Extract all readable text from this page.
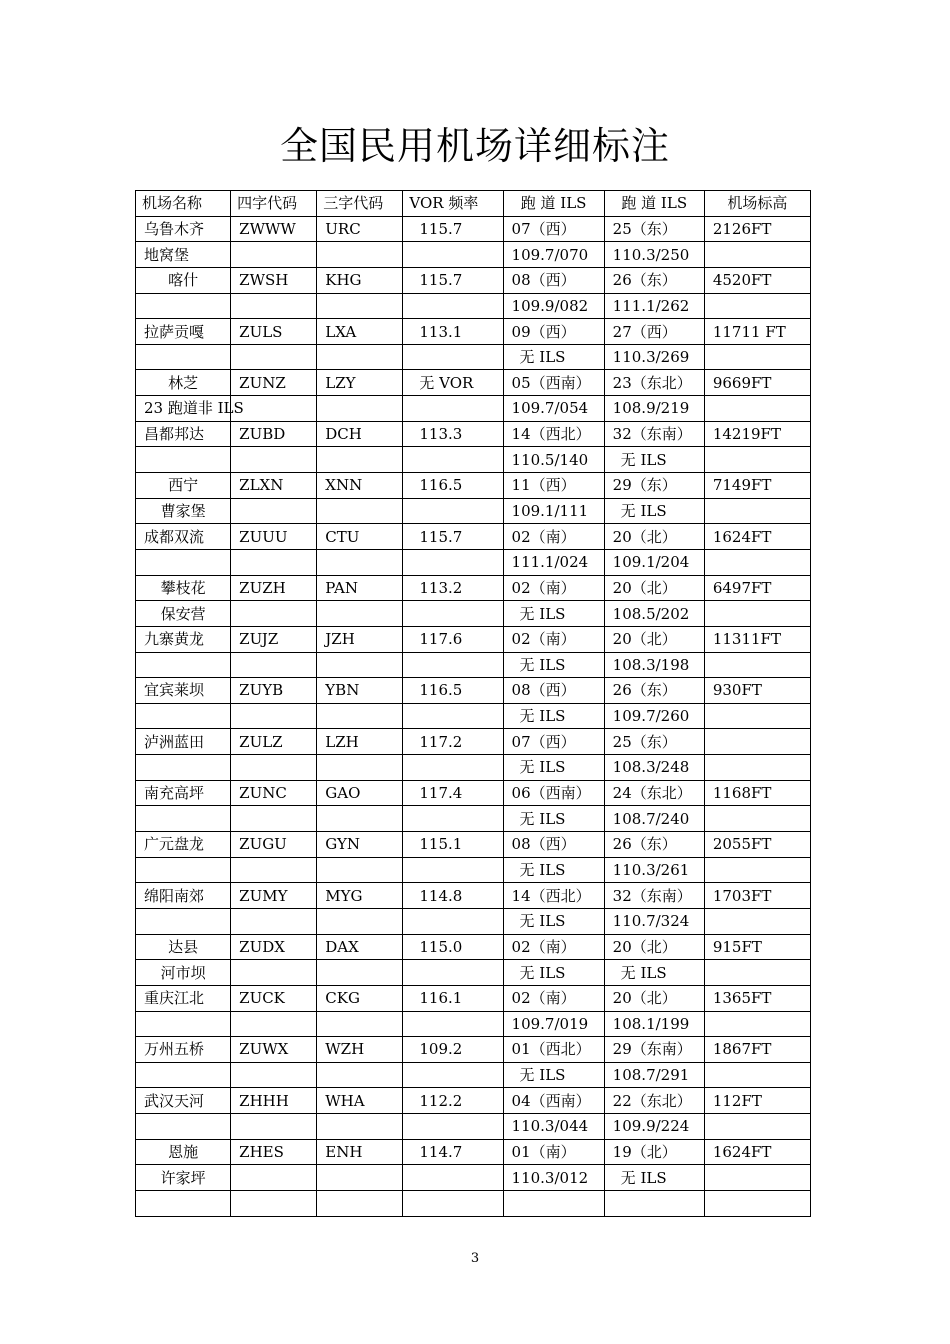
全国民用机场详细标注
机场名称	四字代码	三字代码	VOR 频率	跑 道 ILS	跑 道 ILS	机场标高
乌鲁木齐	ZWWW	URC	115.7	07（西）	25（东）	2126FT
地窝堡				109.7/070	110.3/250	
喀什	ZWSH	KHG	115.7	08（西）	26（东）	4520FT
				109.9/082	111.1/262	
拉萨贡嘎	ZULS	LXA	113.1	09（西）	27（西）	11711 FT
				无 ILS	110.3/269	
林芝	ZUNZ	LZY	无 VOR	05（西南）	23（东北）	9669FT
23 跑道非 ILS				109.7/054	108.9/219	
昌都邦达	ZUBD	DCH	113.3	14（西北）	32（东南）	14219FT
				110.5/140	无 ILS	
西宁	ZLXN	XNN	116.5	11（西）	29（东）	7149FT
曹家堡				109.1/111	无 ILS	
成都双流	ZUUU	CTU	115.7	02（南）	20（北）	1624FT
				111.1/024	109.1/204	
攀枝花	ZUZH	PAN	113.2	02（南）	20（北）	6497FT
保安营				无 ILS	108.5/202	
九寨黄龙	ZUJZ	JZH	117.6	02（南）	20（北）	11311FT
				无 ILS	108.3/198	
宜宾莱坝	ZUYB	YBN	116.5	08（西）	26（东）	930FT
				无 ILS	109.7/260	
泸洲蓝田	ZULZ	LZH	117.2	07（西）	25（东）	
				无 ILS	108.3/248	
南充高坪	ZUNC	GAO	117.4	06（西南）	24（东北）	1168FT
				无 ILS	108.7/240	
广元盘龙	ZUGU	GYN	115.1	08（西）	26（东）	2055FT
				无 ILS	110.3/261	
绵阳南郊	ZUMY	MYG	114.8	14（西北）	32（东南）	1703FT
				无 ILS	110.7/324	
达县	ZUDX	DAX	115.0	02（南）	20（北）	915FT
河市坝				无 ILS	无 ILS	
重庆江北	ZUCK	CKG	116.1	02（南）	20（北）	1365FT
				109.7/019	108.1/199	
万州五桥	ZUWX	WZH	109.2	01（西北）	29（东南）	1867FT
				无 ILS	108.7/291	
武汉天河	ZHHH	WHA	112.2	04（西南）	22（东北）	112FT
				110.3/044	109.9/224	
恩施	ZHES	ENH	114.7	01（南）	19（北）	1624FT
许家坪				110.3/012	无 ILS	

3
